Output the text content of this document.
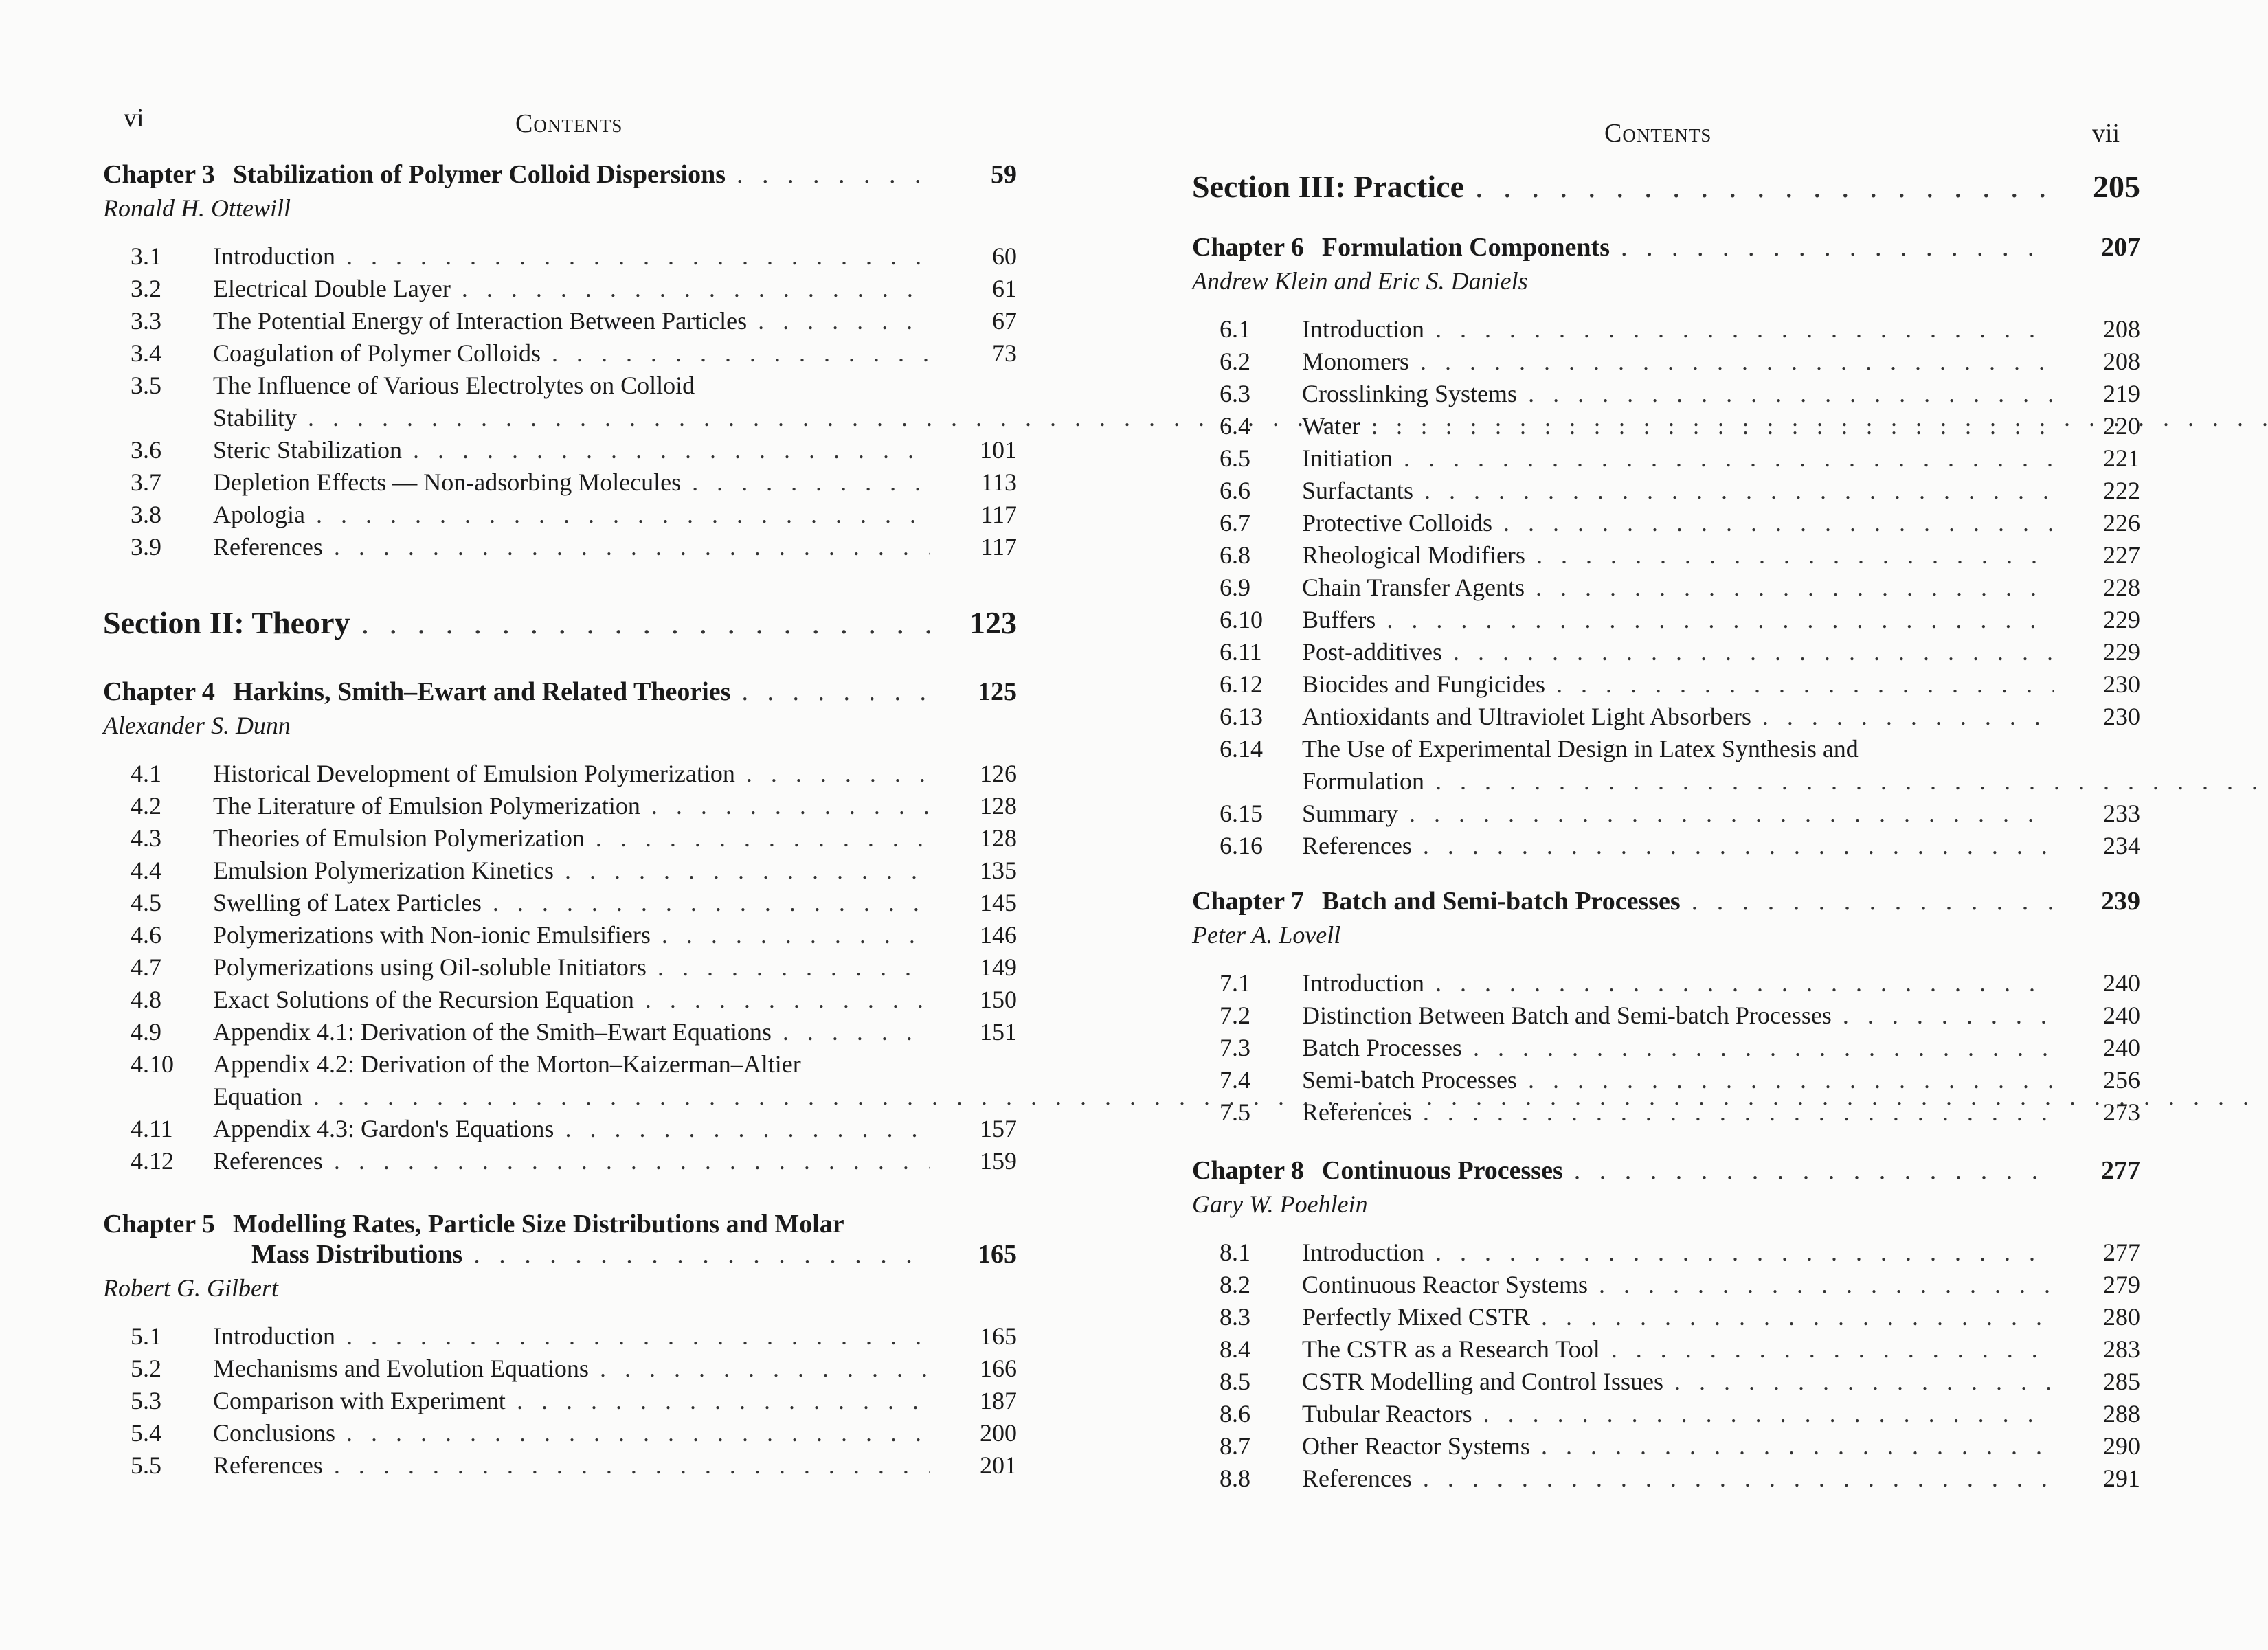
vi	Contents
Chapter 3 Stabilization of Polymer Colloid Dispersions . . .	59
Ronald H. Ottewill
3.1	Introduction . . .	60
3.2	Electrical Double Layer . . .	61
3.3	The Potential Energy of Interaction Between Particles . . .	67
3.4	Coagulation of Polymer Colloids . . .	73
3.5	The Influence of Various Electrolytes on Colloid
Stability
. . .
3.6	Steric Stabilization . . .	101
3.7	Depletion Effects — Non-adsorbing Molecules . . .	113
3.8	Apologia . . .	117
3.9	References . . .	117
Section II: Theory . . .	123
Chapter 4 Harkins, Smith–Ewart and Related Theories . . .	125
Alexander S. Dunn
4.1	Historical Development of Emulsion Polymerization . . .	126
4.2	The Literature of Emulsion Polymerization . . .	128
4.3	Theories of Emulsion Polymerization . . .	128
4.4	Emulsion Polymerization Kinetics . . .	135
4.5	Swelling of Latex Particles . . .	145
4.6	Polymerizations with Non-ionic Emulsifiers . . .	146
4.7	Polymerizations using Oil-soluble Initiators . . .	149
4.8	Exact Solutions of the Recursion Equation . . .	150
4.9	Appendix 4.1: Derivation of the Smith–Ewart Equations . . .	151
4.10	Appendix 4.2: Derivation of the Morton–Kaizerman–Altier
Equation
. . .
4.11	Appendix 4.3: Gardon's Equations . . .	157
4.12	References . . .	159
Chapter 5 Modelling Rates, Particle Size Distributions and Molar
Mass Distributions . . .	165
Robert G. Gilbert
5.1	Introduction . . .	165
5.2	Mechanisms and Evolution Equations . . .	166
5.3	Comparison with Experiment . . .	187
5.4	Conclusions . . .	200
5.5	References . . .	201
Contents	vii
Section III: Practice . . .	205
Chapter 6 Formulation Components . . .	207
Andrew Klein and Eric S. Daniels
6.1	Introduction . . .	208
6.2	Monomers . . .	208
6.3	Crosslinking Systems . . .	219
6.4	Water . . .	220
6.5	Initiation . . .	221
6.6	Surfactants . . .	222
6.7	Protective Colloids . . .	226
6.8	Rheological Modifiers . . .	227
6.9	Chain Transfer Agents . . .	228
6.10	Buffers . . .	229
6.11	Post-additives . . .	229
6.12	Biocides and Fungicides . . .	230
6.13	Antioxidants and Ultraviolet Light Absorbers . . .	230
6.14	The Use of Experimental Design in Latex Synthesis and
Formulation
. . .
6.15	Summary . . .	233
6.16	References . . .	234
Chapter 7 Batch and Semi-batch Processes . . .	239
Peter A. Lovell
7.1	Introduction . . .	240
7.2	Distinction Between Batch and Semi-batch Processes . . .	240
7.3	Batch Processes . . .	240
7.4	Semi-batch Processes . . .	256
7.5	References . . .	273
Chapter 8 Continuous Processes . . .	277
Gary W. Poehlein
8.1	Introduction . . .	277
8.2	Continuous Reactor Systems . . .	279
8.3	Perfectly Mixed CSTR . . .	280
8.4	The CSTR as a Research Tool . . .	283
8.5	CSTR Modelling and Control Issues . . .	285
8.6	Tubular Reactors . . .	288
8.7	Other Reactor Systems . . .	290
8.8	References . . .	291
